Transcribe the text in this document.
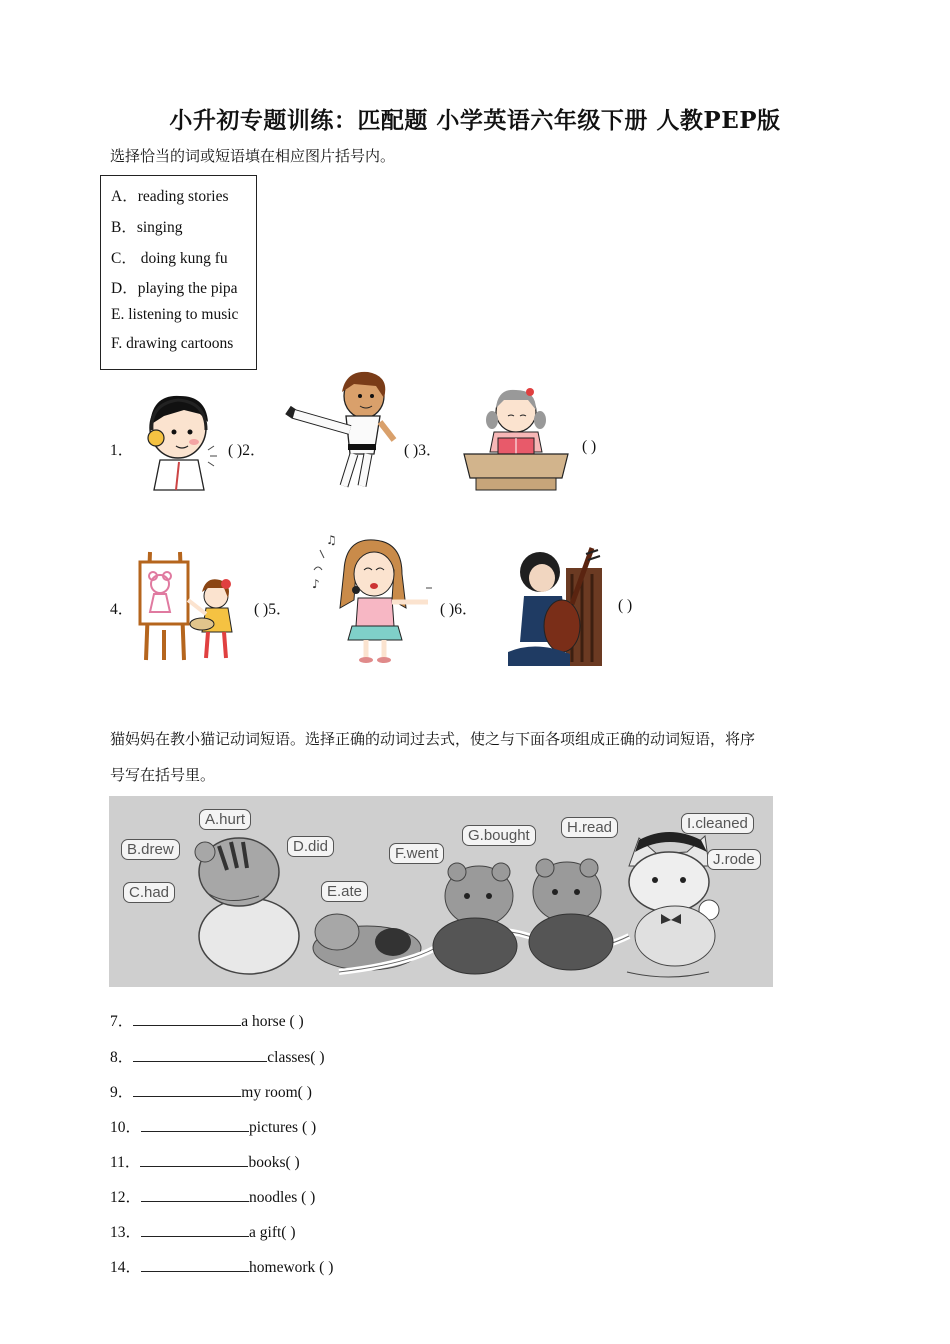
小升初专题训练：匹配题 小学英语六年级下册 人教PEP版
选择恰当的词或短语填在相应图片括号内。
A．reading stories
B．singing
C． doing kung fu
D．playing the pipa
E. listening to music
F. drawing cartoons
1．	( )2．	( )3．	( )
4．	( )5．	( )6．	( )
♪
♫
猫妈妈在教小猫记动词短语。选择正确的动词过去式，使之与下面各项组成正确的动词短语，将序
号写在括号里。
A.hurt
B.drew
C.had
D.did
E.ate
F.went
G.bought	H.read	I.cleaned
J.rode
7．	a horse ( )
8．	classes( )
9．	my room( )
10．	pictures ( )
11．	books( )
12．	noodles ( )
13．	a gift( )
14．	homework ( )
